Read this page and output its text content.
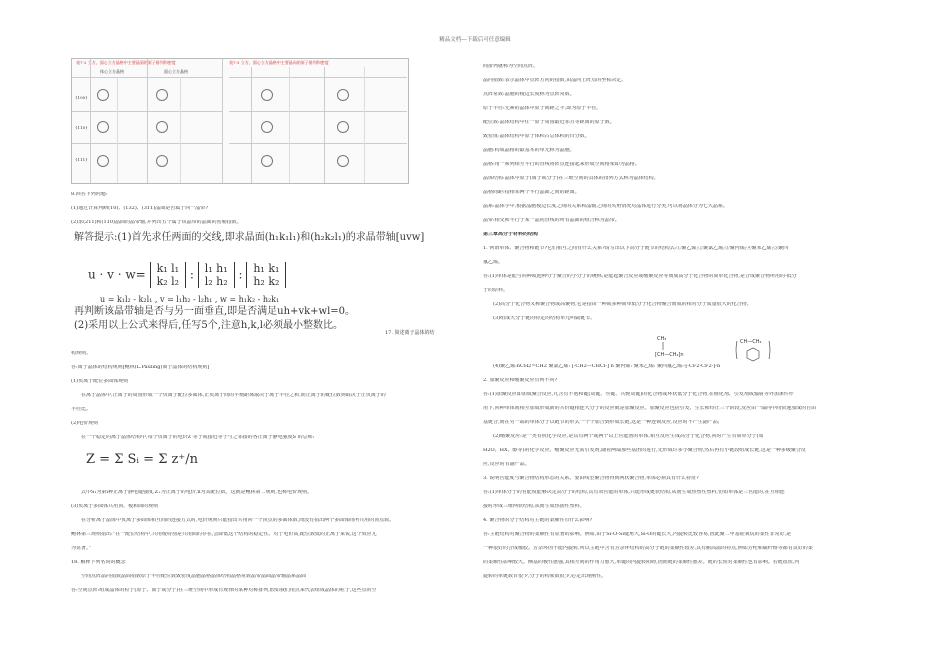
精品文档---下载后可任意编辑
表7-2 立方、面心立方晶格中主要晶面的原子排列和密度
体心立方晶格	面心立方晶格
{100}
{110}
{111}
表7-3 立方、面心立方晶格中主要晶向的原子排列和密度

8.回答下列问题:

(1)通过计算判断(10)、(132)、(311)晶面是否属于同一晶带?

(2)求(211)和(110)晶面的晶带轴,并列出五个属于该晶带的晶面的密勒指数。

解答提示:(1)首先求任两面的交线,即求晶面(h₁k₁l₁)和(h₂k₂l₁)的求晶带轴[uvw]
u · v · w= k₁ l₁
k₂ l₂ : l₁ h₁
l₂ h₂ : h₁ k₁
h₂ k₂
u = k₁l₂ - k₂l₁ , v = l₁h₂ - l₂h₁ , w = h₁k₂ - h₂k₁
再判断该晶带轴是否与另一面垂直,即是否满足uh+vk+wl=0。
(2)采用以上公式来得后,任写5个,注意h,k,l必须最小整数比。
17. 简述离子晶体的结

构规则。

答:离子晶体的结构规则[鲍林(L.Pauling)离子晶体的结构规则]

(1)负离子配位多面体规则

在离子晶体中,正离子的周围形成一个负离子配位多面体,正负离子间的平衡距离取决于离子半径之和,而正离子的配位数则取决于正负离子的

半径比。

(2)电价规则

在一个稳定的离子晶体结构中,每个负离子的电价Z 等于或接近等于与之邻接的各正离子静电强度S 的总和:

Z = Σ Sᵢ = Σ z⁺/n

式中S₁为第i种正离子静电键强度,Z₊为正离子的电价,n为其配位数。这就是鲍林第二规则,也称电价规则。

(3)负离子多面体共用顶、棱和面的规则

在分析离子晶体中负离子多面体相互间的连接方式时,电价规则只能指出共用同一个顶点的多面体数,而没有指出两个多面体间所共用的顶点数。

鲍林第三规则指出:“在一配位结构中,共用棱特别是共用面的存在,会降低这个结构的稳定性。对于电价高,配位数低的正离子来说,这个效应尤

为显著。”

18. 解释下列名词的概念

空间点阵晶向指数晶面指数原子半径配位数致密度晶胞晶格晶体结构晶格常数晶带晶面晶带轴晶系晶面

答:空间点阵:组成晶体的粒子(原子、离子或分子)在三维空间中形成有规律的某种对称排列,假如我们用点来代表组成晶体的粒子,这些点的空

间排列就称为空间点阵。

晶向指数:表示晶体中点阵方向的指数,由晶向上阵点的坐标决定。

点阵常数:晶胞的棱边长度称为点阵常数。

原子半径:元素的晶体中原子间距之半,即为原子半径。

配位数:晶体结构中任一原子周围最近邻且等距离的原子数。

致密度:晶体结构中原子体积占总体积的百分数。

晶胞:构成晶格的最基本的单元称为晶胞。

晶格:用一系列相互平行的直线将阵点连接起来形成空间格架即为晶格。

晶体结构:晶体中原子(离子或分子)在三维空间的具体的排列方式称为晶体结构。

晶格间距:指相邻两个平行晶面之间的距离。

晶系:晶体学中,根据晶胞棱边长度之间的关系和晶轴之间的夹角情况对晶体进行分类,可以将晶体分为七大晶系。

晶带:相交和平行于某一晶向直线的所有晶面的组合称为晶带。

第三章高分子材料的结构

1. 何谓单体、聚合物和链节?它们相互之间有什么关系?请写出以下高分子链节的结构式:①聚乙烯;②聚氯乙烯;③聚丙烯;④聚苯乙烯;⑤聚四

氟乙烯。

答:(1)单体是能与同种或他种分子聚合的小分子的统称,是能起聚合反应或缩聚反应等而成高分子化合物的简单化合物,是合成聚合物所用的-低分

子的原料。

(2)高分子化合物又称聚合物或高聚物,它是指由一种或多种简单低分子化合物聚合而成的相对分子质量很大的化合物。

(3)组成大分子链的特定的结构单元叫做链节。

CH₃
[CH—CH₂]n
CH—CH₂

(4)聚乙烯:nCH2=CH2 聚氯乙烯: [-CH2—CHCl-] n 聚丙烯: 聚苯乙烯: 聚四氟乙烯:-[-CF2-CF2-]-n

2. 加聚反应和缩聚反应有何不同?

答:(1)加聚反应即加成聚合反应,凡含有不饱和键(双键、叁键、共轭双键)的化合物或环状低分子化合物,在催化剂、引发剂或辐射等外加条件作

用下,同种单体间相互加成形成新的共价键相连大分子的反应就是加聚反应。加聚反应包括引发、生长和终止三个阶段,反应由一端向中间快速加成的自由

基链合,而在另一端的单体分子以链节的形式一个个加合到形成长链,这是一种连锁反应,反应时不产生副产品;

(2)缩聚反应:是一类有机化学反应,是具有两个或两个以上官能团的单体,相互反应生成高分子化合物,同时产生有简单分子(如

H2O、HX、醇等)的化学反应。缩聚反应无需引发剂,随着两端那些基团的进行,先形成许多小聚合物,然后再有小链段组成长链,这是一种多级聚合反

应,反应时有副产品。

3. 说明官能度与聚合物结构形态的关系。要由线型聚合物得到网状聚合物,单体必须具有什么特征?

答:(1)单体分子的官能度能够决定高分子的结构,具有双官能的单体,只能形成链状结构,从而生成热塑性塑料,但如单体是三官能的,在互相连

接时形成三维网状结构,从而生成热固性塑料。

4. 聚合物的分子结构对主链的柔顺性有什么影响?

答:主链结构对聚合物的柔顺性有显著的影响。例如,由于Si-O-Si键角大,Si-O的键长大,内旋转比较容易,因此聚二甲基硅氧烷的柔性非常好,是

一种很好的合成橡胶。芳杂环因不能内旋转,所以主链中含有芳杂环结构的高分子链的柔顺性较差,具有耐高温的特点,例如芳纶和碳纤维等都有良好的柔

的柔顺性影响较大。侧基的极性愈强,其相互间的作用力愈大,单键的内旋转阻碍,因而链的柔顺性愈差。链的长短对柔顺性也有影响。若链很短,内

旋转的单链数目很少,分子的构象数很少,必定出现刚性。
